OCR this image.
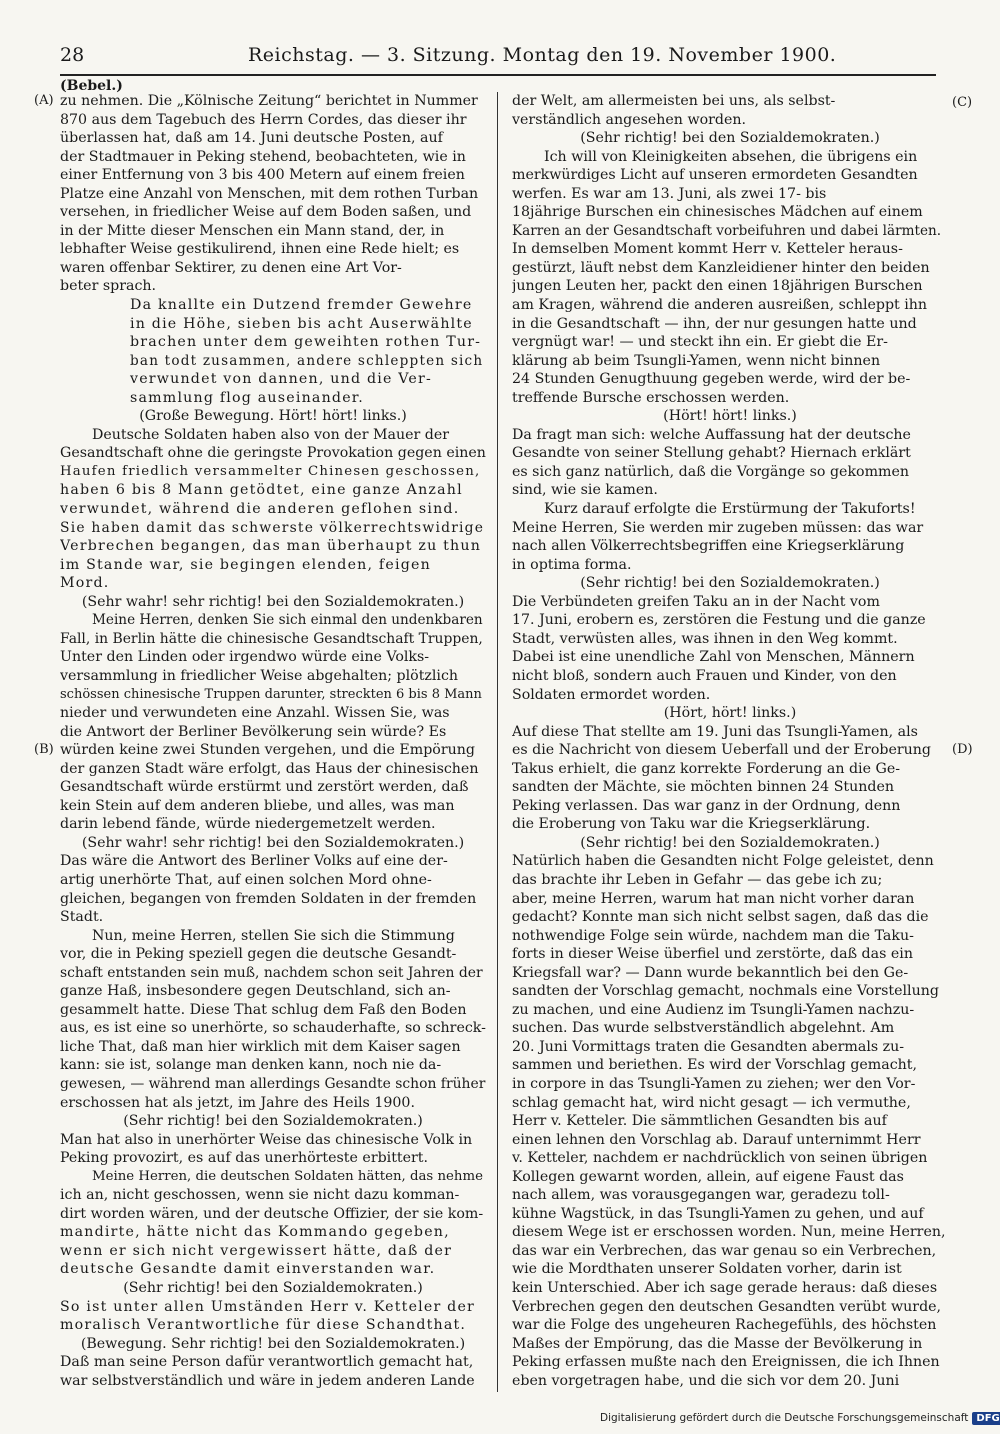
28	Reichstag. — 3. Sitzung. Montag den 19. November 1900.
(Bebel.)
(A)
(B)
(C)
(D)
zu nehmen. Die „Kölnische Zeitung“ berichtet in Nummer
870 aus dem Tagebuch des Herrn Cordes, das dieser ihr
überlassen hat, daß am 14. Juni deutsche Posten, auf
der Stadtmauer in Peking stehend, beobachteten, wie in
einer Entfernung von 3 bis 400 Metern auf einem freien
Platze eine Anzahl von Menschen, mit dem rothen Turban
versehen, in friedlicher Weise auf dem Boden saßen, und
in der Mitte dieser Menschen ein Mann stand, der, in
lebhafter Weise gestikulirend, ihnen eine Rede hielt; es
waren offenbar Sektirer, zu denen eine Art Vor-
beter sprach.
Da knallte ein Dutzend fremder Gewehre
in die Höhe, sieben bis acht Auserwählte
brachen unter dem geweihten rothen Tur-
ban todt zusammen, andere schleppten sich
verwundet von dannen, und die Ver-
sammlung flog auseinander.
(Große Bewegung. Hört! hört! links.)
Deutsche Soldaten haben also von der Mauer der
Gesandtschaft ohne die geringste Provokation gegen einen
Haufen friedlich versammelter Chinesen geschossen,
haben 6 bis 8 Mann getödtet, eine ganze Anzahl
verwundet, während die anderen geflohen sind.
Sie haben damit das schwerste völkerrechtswidrige
Verbrechen begangen, das man überhaupt zu thun
im Stande war, sie begingen elenden, feigen
Mord.
(Sehr wahr! sehr richtig! bei den Sozialdemokraten.)
Meine Herren, denken Sie sich einmal den undenkbaren
Fall, in Berlin hätte die chinesische Gesandtschaft Truppen,
Unter den Linden oder irgendwo würde eine Volks-
versammlung in friedlicher Weise abgehalten; plötzlich
schössen chinesische Truppen darunter, streckten 6 bis 8 Mann
nieder und verwundeten eine Anzahl. Wissen Sie, was
die Antwort der Berliner Bevölkerung sein würde? Es
würden keine zwei Stunden vergehen, und die Empörung
der ganzen Stadt wäre erfolgt, das Haus der chinesischen
Gesandtschaft würde erstürmt und zerstört werden, daß
kein Stein auf dem anderen bliebe, und alles, was man
darin lebend fände, würde niedergemetzelt werden.
(Sehr wahr! sehr richtig! bei den Sozialdemokraten.)
Das wäre die Antwort des Berliner Volks auf eine der-
artig unerhörte That, auf einen solchen Mord ohne-
gleichen, begangen von fremden Soldaten in der fremden
Stadt.
Nun, meine Herren, stellen Sie sich die Stimmung
vor, die in Peking speziell gegen die deutsche Gesandt-
schaft entstanden sein muß, nachdem schon seit Jahren der
ganze Haß, insbesondere gegen Deutschland, sich an-
gesammelt hatte. Diese That schlug dem Faß den Boden
aus, es ist eine so unerhörte, so schauderhafte, so schreck-
liche That, daß man hier wirklich mit dem Kaiser sagen
kann: sie ist, solange man denken kann, noch nie da-
gewesen, — während man allerdings Gesandte schon früher
erschossen hat als jetzt, im Jahre des Heils 1900.
(Sehr richtig! bei den Sozialdemokraten.)
Man hat also in unerhörter Weise das chinesische Volk in
Peking provozirt, es auf das unerhörteste erbittert.
Meine Herren, die deutschen Soldaten hätten, das nehme
ich an, nicht geschossen, wenn sie nicht dazu komman-
dirt worden wären, und der deutsche Offizier, der sie kom-
mandirte, hätte nicht das Kommando gegeben,
wenn er sich nicht vergewissert hätte, daß der
deutsche Gesandte damit einverstanden war.
(Sehr richtig! bei den Sozialdemokraten.)
So ist unter allen Umständen Herr v. Ketteler der
moralisch Verantwortliche für diese Schandthat.
(Bewegung. Sehr richtig! bei den Sozialdemokraten.)
Daß man seine Person dafür verantwortlich gemacht hat,
war selbstverständlich und wäre in jedem anderen Lande
der Welt, am allermeisten bei uns, als selbst-
verständlich angesehen worden.
(Sehr richtig! bei den Sozialdemokraten.)
Ich will von Kleinigkeiten absehen, die übrigens ein
merkwürdiges Licht auf unseren ermordeten Gesandten
werfen. Es war am 13. Juni, als zwei 17- bis
18jährige Burschen ein chinesisches Mädchen auf einem
Karren an der Gesandtschaft vorbeifuhren und dabei lärmten.
In demselben Moment kommt Herr v. Ketteler heraus-
gestürzt, läuft nebst dem Kanzleidiener hinter den beiden
jungen Leuten her, packt den einen 18jährigen Burschen
am Kragen, während die anderen ausreißen, schleppt ihn
in die Gesandtschaft — ihn, der nur gesungen hatte und
vergnügt war! — und steckt ihn ein. Er giebt die Er-
klärung ab beim Tsungli-Yamen, wenn nicht binnen
24 Stunden Genugthuung gegeben werde, wird der be-
treffende Bursche erschossen werden.
(Hört! hört! links.)
Da fragt man sich: welche Auffassung hat der deutsche
Gesandte von seiner Stellung gehabt? Hiernach erklärt
es sich ganz natürlich, daß die Vorgänge so gekommen
sind, wie sie kamen.
Kurz darauf erfolgte die Erstürmung der Takuforts!
Meine Herren, Sie werden mir zugeben müssen: das war
nach allen Völkerrechtsbegriffen eine Kriegserklärung
in optima forma.
(Sehr richtig! bei den Sozialdemokraten.)
Die Verbündeten greifen Taku an in der Nacht vom
17. Juni, erobern es, zerstören die Festung und die ganze
Stadt, verwüsten alles, was ihnen in den Weg kommt.
Dabei ist eine unendliche Zahl von Menschen, Männern
nicht bloß, sondern auch Frauen und Kinder, von den
Soldaten ermordet worden.
(Hört, hört! links.)
Auf diese That stellte am 19. Juni das Tsungli-Yamen, als
es die Nachricht von diesem Ueberfall und der Eroberung
Takus erhielt, die ganz korrekte Forderung an die Ge-
sandten der Mächte, sie möchten binnen 24 Stunden
Peking verlassen. Das war ganz in der Ordnung, denn
die Eroberung von Taku war die Kriegserklärung.
(Sehr richtig! bei den Sozialdemokraten.)
Natürlich haben die Gesandten nicht Folge geleistet, denn
das brachte ihr Leben in Gefahr — das gebe ich zu;
aber, meine Herren, warum hat man nicht vorher daran
gedacht? Konnte man sich nicht selbst sagen, daß das die
nothwendige Folge sein würde, nachdem man die Taku-
forts in dieser Weise überfiel und zerstörte, daß das ein
Kriegsfall war? — Dann wurde bekanntlich bei den Ge-
sandten der Vorschlag gemacht, nochmals eine Vorstellung
zu machen, und eine Audienz im Tsungli-Yamen nachzu-
suchen. Das wurde selbstverständlich abgelehnt. Am
20. Juni Vormittags traten die Gesandten abermals zu-
sammen und beriethen. Es wird der Vorschlag gemacht,
in corpore in das Tsungli-Yamen zu ziehen; wer den Vor-
schlag gemacht hat, wird nicht gesagt — ich vermuthe,
Herr v. Ketteler. Die sämmtlichen Gesandten bis auf
einen lehnen den Vorschlag ab. Darauf unternimmt Herr
v. Ketteler, nachdem er nachdrücklich von seinen übrigen
Kollegen gewarnt worden, allein, auf eigene Faust das
nach allem, was vorausgegangen war, geradezu toll-
kühne Wagstück, in das Tsungli-Yamen zu gehen, und auf
diesem Wege ist er erschossen worden. Nun, meine Herren,
das war ein Verbrechen, das war genau so ein Verbrechen,
wie die Mordthaten unserer Soldaten vorher, darin ist
kein Unterschied. Aber ich sage gerade heraus: daß dieses
Verbrechen gegen den deutschen Gesandten verübt wurde,
war die Folge des ungeheuren Rachegefühls, des höchsten
Maßes der Empörung, das die Masse der Bevölkerung in
Peking erfassen mußte nach den Ereignissen, die ich Ihnen
eben vorgetragen habe, und die sich vor dem 20. Juni
Digitalisierung gefördert durch die Deutsche Forschungsgemeinschaft DFG
